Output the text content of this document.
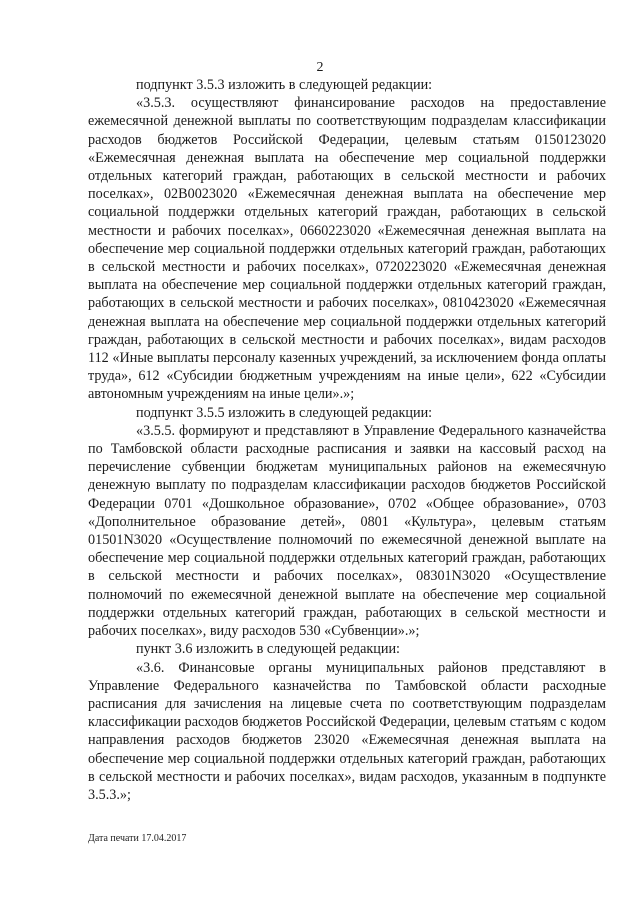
2

подпункт 3.5.3 изложить в следующей редакции:

«3.5.3. осуществляют финансирование расходов на предоставление ежемесячной денежной выплаты по соответствующим подразделам классификации расходов бюджетов Российской Федерации, целевым статьям 0150123020 «Ежемесячная денежная выплата на обеспечение мер социальной поддержки отдельных категорий граждан, работающих в сельской местности и рабочих поселках», 02В0023020 «Ежемесячная денежная выплата на обеспечение мер социальной поддержки отдельных категорий граждан, работающих в сельской местности и рабочих поселках», 0660223020 «Ежемесячная денежная выплата на обеспечение мер социальной поддержки отдельных категорий граждан, работающих в сельской местности и рабочих поселках», 0720223020 «Ежемесячная денежная выплата на обеспечение мер социальной поддержки отдельных категорий граждан, работающих в сельской местности и рабочих поселках», 0810423020 «Ежемесячная денежная выплата на обеспечение мер социальной поддержки отдельных категорий граждан, работающих в сельской местности и рабочих поселках», видам расходов 112 «Иные выплаты персоналу казенных учреждений, за исключением фонда оплаты труда», 612 «Субсидии бюджетным учреждениям на иные цели», 622 «Субсидии автономным учреждениям на иные цели».»;

подпункт 3.5.5 изложить в следующей редакции:

«3.5.5. формируют и представляют в Управление Федерального казначейства по Тамбовской области расходные расписания и заявки на кассовый расход на перечисление субвенции бюджетам муниципальных районов на ежемесячную денежную выплату по подразделам классификации расходов бюджетов Российской Федерации 0701 «Дошкольное образование», 0702 «Общее образование», 0703 «Дополнительное образование детей», 0801 «Культура», целевым статьям 01501N3020 «Осуществление полномочий по ежемесячной денежной выплате на обеспечение мер социальной поддержки отдельных категорий граждан, работающих в сельской местности и рабочих поселках», 08301N3020 «Осуществление полномочий по ежемесячной денежной выплате на обеспечение мер социальной поддержки отдельных категорий граждан, работающих в сельской местности и рабочих поселках», виду расходов 530 «Субвенции».»;

пункт 3.6 изложить в следующей редакции:

«3.6. Финансовые органы муниципальных районов представляют в Управление Федерального казначейства по Тамбовской области расходные расписания для зачисления на лицевые счета по соответствующим подразделам классификации расходов бюджетов Российской Федерации, целевым статьям с кодом направления расходов бюджетов 23020 «Ежемесячная денежная выплата на обеспечение мер социальной поддержки отдельных категорий граждан, работающих в сельской местности и рабочих поселках», видам расходов, указанным в подпункте 3.5.3.»;

Дата печати 17.04.2017
